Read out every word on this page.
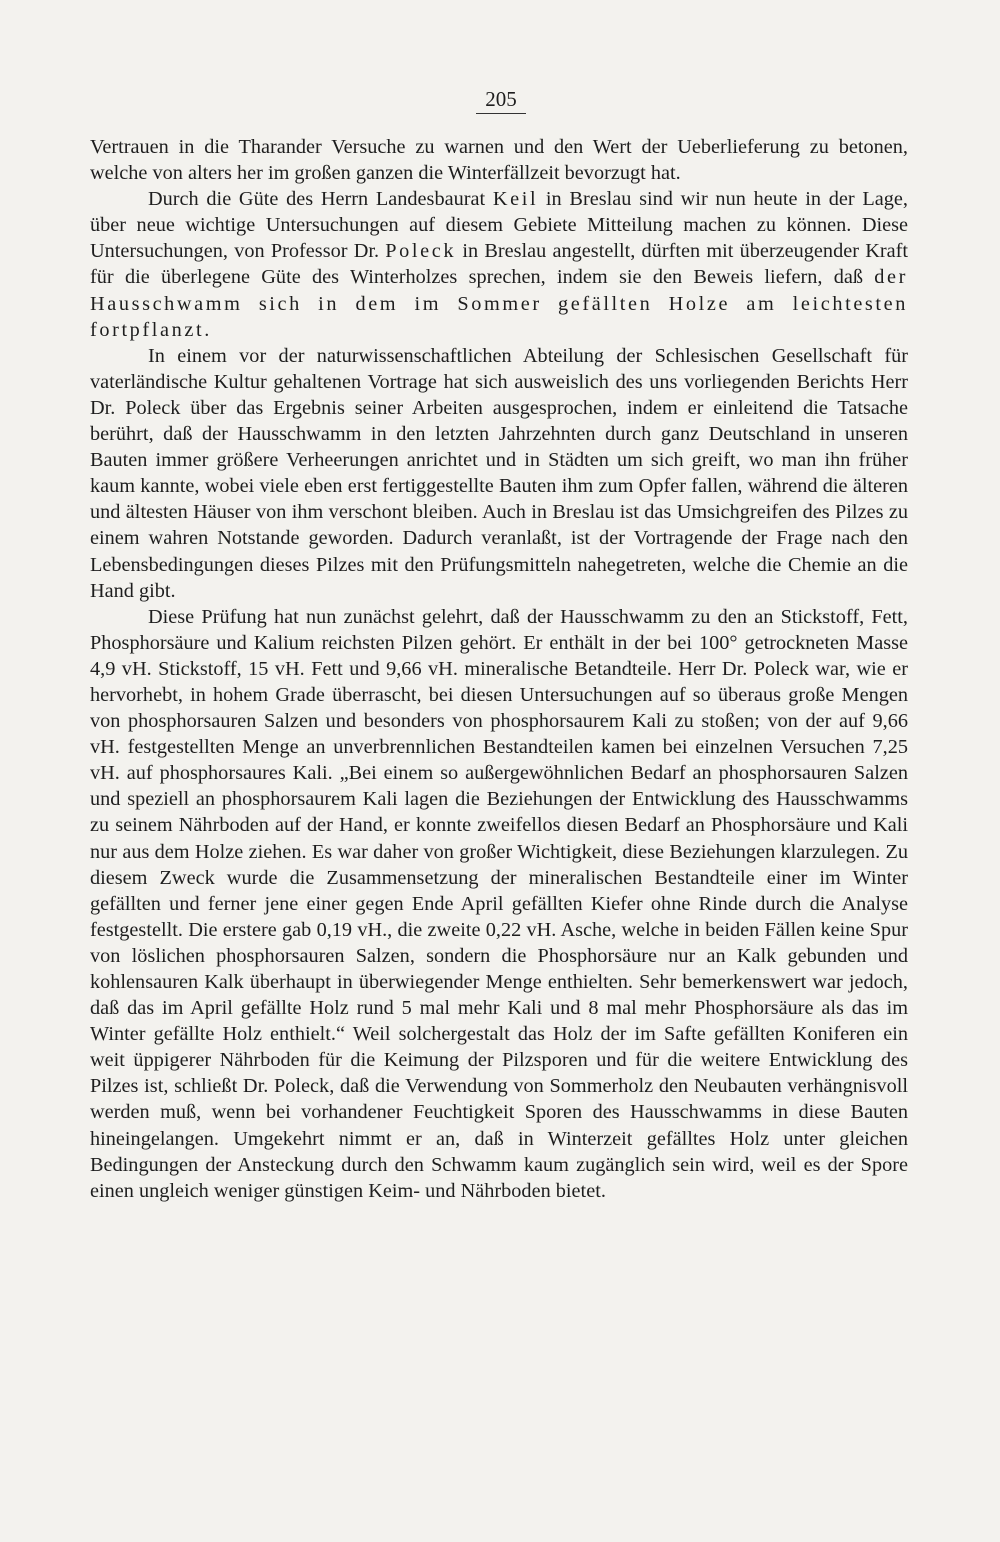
205

Vertrauen in die Tharander Versuche zu warnen und den Wert der Ueberlieferung zu betonen, welche von alters her im großen ganzen die Winterfällzeit bevorzugt hat.

Durch die Güte des Herrn Landesbaurat Keil in Breslau sind wir nun heute in der Lage, über neue wichtige Untersuchungen auf diesem Gebiete Mitteilung machen zu können. Diese Untersuchungen, von Professor Dr. Poleck in Breslau angestellt, dürften mit überzeugender Kraft für die überlegene Güte des Winterholzes sprechen, indem sie den Beweis liefern, daß der Hausschwamm sich in dem im Sommer gefällten Holze am leichtesten fortpflanzt.

In einem vor der naturwissenschaftlichen Abteilung der Schlesischen Gesellschaft für vaterländische Kultur gehaltenen Vortrage hat sich ausweislich des uns vorliegenden Berichts Herr Dr. Poleck über das Ergebnis seiner Arbeiten ausgesprochen, indem er einleitend die Tatsache berührt, daß der Hausschwamm in den letzten Jahrzehnten durch ganz Deutschland in unseren Bauten immer größere Verheerungen anrichtet und in Städten um sich greift, wo man ihn früher kaum kannte, wobei viele eben erst fertiggestellte Bauten ihm zum Opfer fallen, während die älteren und ältesten Häuser von ihm verschont bleiben. Auch in Breslau ist das Umsichgreifen des Pilzes zu einem wahren Notstande geworden. Dadurch veranlaßt, ist der Vortragende der Frage nach den Lebensbedingungen dieses Pilzes mit den Prüfungsmitteln nahegetreten, welche die Chemie an die Hand gibt.

Diese Prüfung hat nun zunächst gelehrt, daß der Hausschwamm zu den an Stickstoff, Fett, Phosphorsäure und Kalium reichsten Pilzen gehört. Er enthält in der bei 100° getrockneten Masse 4,9 vH. Stickstoff, 15 vH. Fett und 9,66 vH. mineralische Betandteile. Herr Dr. Poleck war, wie er hervorhebt, in hohem Grade überrascht, bei diesen Untersuchungen auf so überaus große Mengen von phosphorsauren Salzen und besonders von phosphorsaurem Kali zu stoßen; von der auf 9,66 vH. festgestellten Menge an unverbrennlichen Bestandteilen kamen bei einzelnen Versuchen 7,25 vH. auf phosphorsaures Kali. „Bei einem so außergewöhnlichen Bedarf an phosphorsauren Salzen und speziell an phosphorsaurem Kali lagen die Beziehungen der Entwicklung des Hausschwamms zu seinem Nährboden auf der Hand, er konnte zweifellos diesen Bedarf an Phosphorsäure und Kali nur aus dem Holze ziehen. Es war daher von großer Wichtigkeit, diese Beziehungen klarzulegen. Zu diesem Zweck wurde die Zusammensetzung der mineralischen Bestandteile einer im Winter gefällten und ferner jene einer gegen Ende April gefällten Kiefer ohne Rinde durch die Analyse festgestellt. Die erstere gab 0,19 vH., die zweite 0,22 vH. Asche, welche in beiden Fällen keine Spur von löslichen phosphorsauren Salzen, sondern die Phosphorsäure nur an Kalk gebunden und kohlensauren Kalk überhaupt in überwiegender Menge enthielten. Sehr bemerkenswert war jedoch, daß das im April gefällte Holz rund 5 mal mehr Kali und 8 mal mehr Phosphorsäure als das im Winter gefällte Holz enthielt.“ Weil solchergestalt das Holz der im Safte gefällten Koniferen ein weit üppigerer Nährboden für die Keimung der Pilzsporen und für die weitere Entwicklung des Pilzes ist, schließt Dr. Poleck, daß die Verwendung von Sommerholz den Neubauten verhängnisvoll werden muß, wenn bei vorhandener Feuchtigkeit Sporen des Hausschwamms in diese Bauten hineingelangen. Umgekehrt nimmt er an, daß in Winterzeit gefälltes Holz unter gleichen Bedingungen der Ansteckung durch den Schwamm kaum zugänglich sein wird, weil es der Spore einen ungleich weniger günstigen Keim- und Nährboden bietet.
